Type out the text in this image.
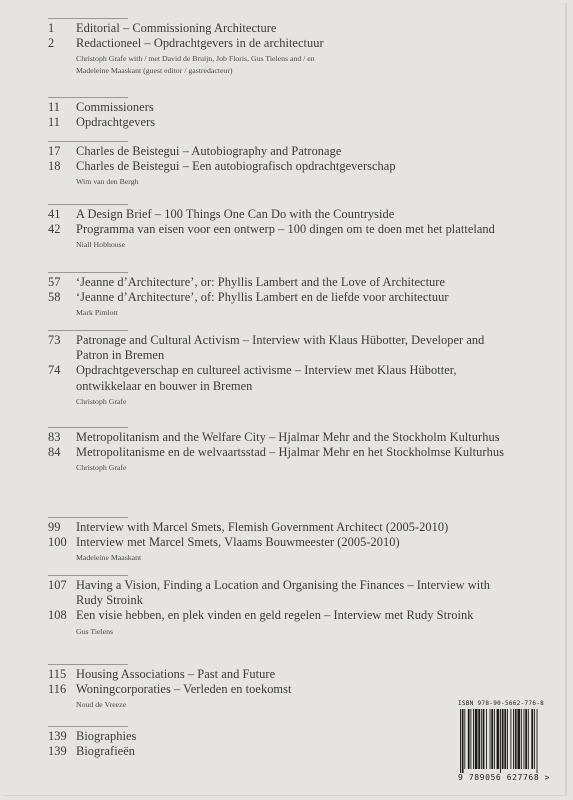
1	Editorial – Commissioning Architecture
2	Redactioneel – Opdrachtgevers in de architectuur
Christoph Grafe with / met David de Bruijn, Job Floris, Gus Tielens and / en Madeleine Maaskant (guest editor / gastredacteur)
11	Commissioners
11	Opdrachtgevers
17	Charles de Beistegui – Autobiography and Patronage
18	Charles de Beistegui – Een autobiografisch opdrachtgeverschap
Wim van den Bergh
41	A Design Brief – 100 Things One Can Do with the Countryside
42	Programma van eisen voor een ontwerp – 100 dingen om te doen met het platteland
Niall Hobhouse
57	‘Jeanne d’Architecture’, or: Phyllis Lambert and the Love of Architecture
58	‘Jeanne d’Architecture’, of: Phyllis Lambert en de liefde voor architectuur
Mark Pimlott
73	Patronage and Cultural Activism – Interview with Klaus Hübotter, Developer and Patron in Bremen
74	Opdrachtgeverschap en cultureel activisme – Interview met Klaus Hübotter, ontwikkelaar en bouwer in Bremen
Christoph Grafe
83	Metropolitanism and the Welfare City – Hjalmar Mehr and the Stockholm Kulturhus
84	Metropolitanisme en de welvaartsstad – Hjalmar Mehr en het Stockholmse Kulturhus
Christoph Grafe
99	Interview with Marcel Smets, Flemish Government Architect (2005-2010)
100 Interview met Marcel Smets, Vlaams Bouwmeester (2005-2010)
Madeleine Maaskant
107 Having a Vision, Finding a Location and Organising the Finances – Interview with Rudy Stroink
108 Een visie hebben, en plek vinden en geld regelen – Interview met Rudy Stroink
Gus Tielens
115 Housing Associations – Past and Future
116 Woningcorporaties – Verleden en toekomst
Noud de Vreeze
139 Biographies
139 Biografieën
ISBN 978-90-5662-776-8
9 789056 627768 >
